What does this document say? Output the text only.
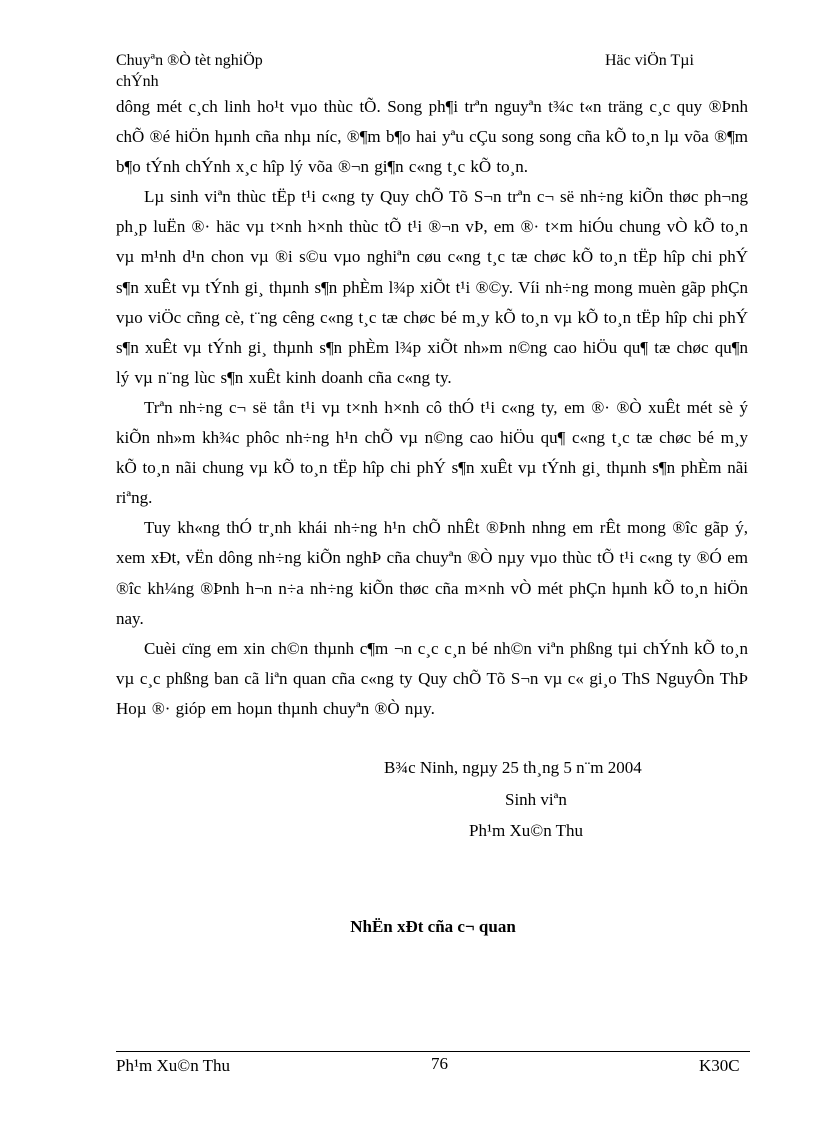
Chuyªn ®Ò tèt nghiÖp
chÝnh
Häc viÖn Tµi

dông mét c¸ch linh ho¹t vµo thùc tÕ. Song ph¶i trªn nguyªn t¾c t«n träng c¸c quy ®Þnh chÕ ®é hiÖn hµnh cña nhµ níc, ®¶m b¶o hai yªu cÇu song song cña kÕ to¸n lµ võa ®¶m b¶o tÝnh chÝnh x¸c hîp lý võa ®¬n gi¶n c«ng t¸c kÕ to¸n.

Lµ sinh viªn thùc tËp t¹i c«ng ty Quy chÕ Tõ S¬n trªn c¬ së nh÷ng kiÕn thøc ph¬ng ph¸p luËn ®· häc vµ t×nh h×nh thùc tÕ t¹i ®¬n vÞ, em ®· t×m hiÓu chung vÒ kÕ to¸n vµ m¹nh d¹n chon vµ ®i s©u vµo nghiªn cøu c«ng t¸c tæ chøc kÕ to¸n tËp hîp chi phÝ s¶n xuÊt vµ tÝnh gi¸ thµnh s¶n phÈm l¾p xiÕt t¹i ®©y. Víi nh÷ng mong muèn gãp phÇn vµo viÖc cñng cè, t¨ng cêng c«ng t¸c tæ chøc bé m¸y kÕ to¸n vµ kÕ to¸n tËp hîp chi phÝ s¶n xuÊt vµ tÝnh gi¸ thµnh s¶n phÈm l¾p xiÕt nh»m n©ng cao hiÖu qu¶ tæ chøc qu¶n lý vµ n¨ng lùc s¶n xuÊt kinh doanh cña c«ng ty.

Trªn nh÷ng c¬ së tån t¹i vµ t×nh h×nh cô thÓ t¹i c«ng ty, em ®· ®Ò xuÊt mét sè ý kiÕn nh»m kh¾c phôc nh÷ng h¹n chÕ vµ n©ng cao hiÖu qu¶ c«ng t¸c tæ chøc bé m¸y kÕ to¸n nãi chung vµ kÕ to¸n tËp hîp chi phÝ s¶n xuÊt vµ tÝnh gi¸ thµnh s¶n phÈm nãi riªng.

Tuy kh«ng thÓ tr¸nh khái nh÷ng h¹n chÕ nhÊt ®Þnh nhng em rÊt mong ®îc gãp ý, xem xÐt, vËn dông nh÷ng kiÕn nghÞ cña chuyªn ®Ò nµy vµo thùc tÕ t¹i c«ng ty ®Ó em ®îc kh¼ng ®Þnh h¬n n÷a nh÷ng kiÕn thøc cña m×nh vÒ mét phÇn hµnh kÕ to¸n hiÖn nay.

Cuèi cïng em xin ch©n thµnh c¶m ¬n c¸c c¸n bé nh©n viªn phßng tµi chÝnh kÕ to¸n vµ c¸c phßng ban cã liªn quan cña c«ng ty Quy chÕ Tõ S¬n vµ c« gi¸o ThS NguyÔn ThÞ Hoµ ®· gióp em hoµn thµnh chuyªn ®Ò nµy.

B¾c Ninh, ngµy 25 th¸ng 5 n¨m 2004
Sinh viªn
Ph¹m Xu©n Thu
NhËn xÐt cña c¬ quan
Ph¹m Xu©n Thu	76	K30C
